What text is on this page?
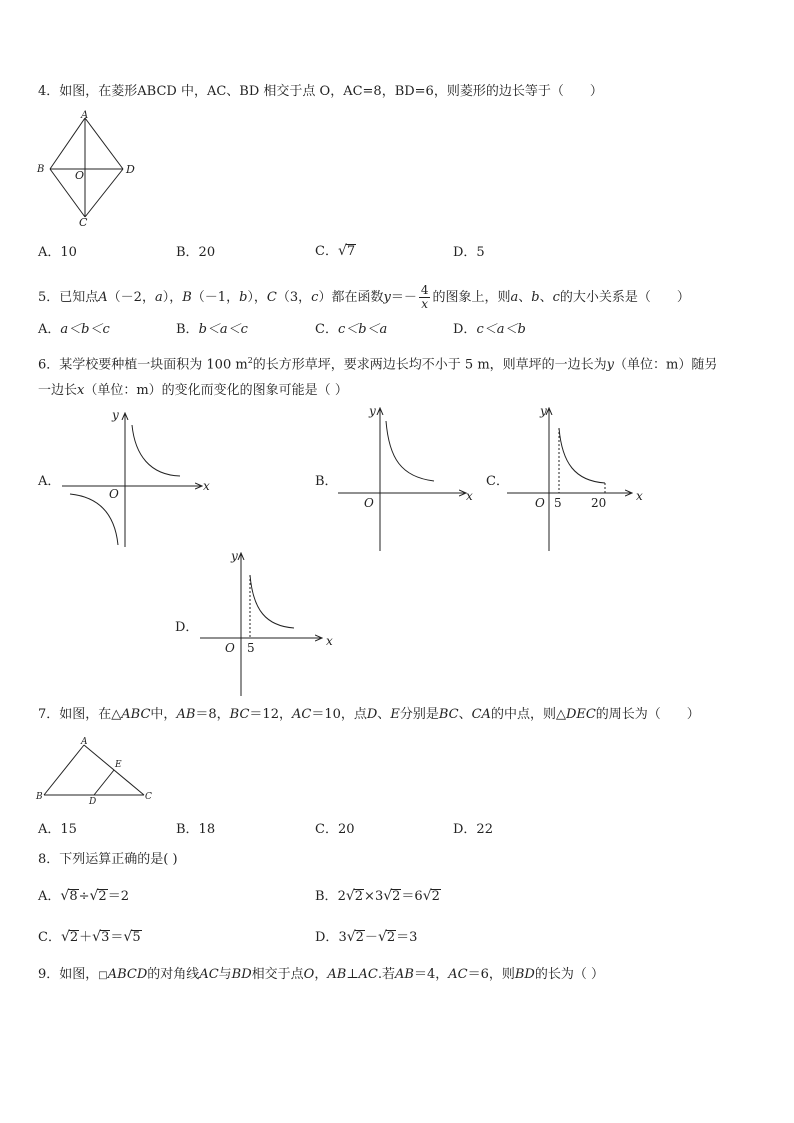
4．如图，在菱形ABCD 中，AC、BD 相交于点 O，AC=8，BD=6，则菱形的边长等于（　　）
A
B	D
O
C
A．10	B．20	C．√7	D．5
5．已知点A（－2，a），B（－1，b），C（3，c）都在函数$y=- \frac{4}{x}$ 的图象上，则a、b、c的大小关系是（　　）
A．a＜b＜c	B．b＜a＜c	C．c＜b＜a	D．c＜a＜b
6．某学校要种植一块面积为 100 $m^2$的长方形草坪，要求两边长均不小于 5 m，则草坪的一边长为y（单位：m）随另
一边长x（单位：m）的变化而变化的图象可能是（ ）
A．
y
x
O
B．
y
x
O
C．
y
x
O 5 20
D．
y
x
O 5
7．如图，在△ABC中，AB＝8，BC＝12，AC＝10，点D、E分别是BC、CA的中点，则△DEC的周长为（　　）
A
B	C
D
E
A．15	B．18	C．20	D．22
8．下列运算正确的是( )
A．√8÷√2＝2	B．2√2×3√2＝6√2
C．√2＋√3＝√5	D．3√2－√2＝3
9．如图，□ABCD的对角线AC与BD相交于点O，AB⊥AC.若AB＝4，AC＝6，则BD的长为（ ）
